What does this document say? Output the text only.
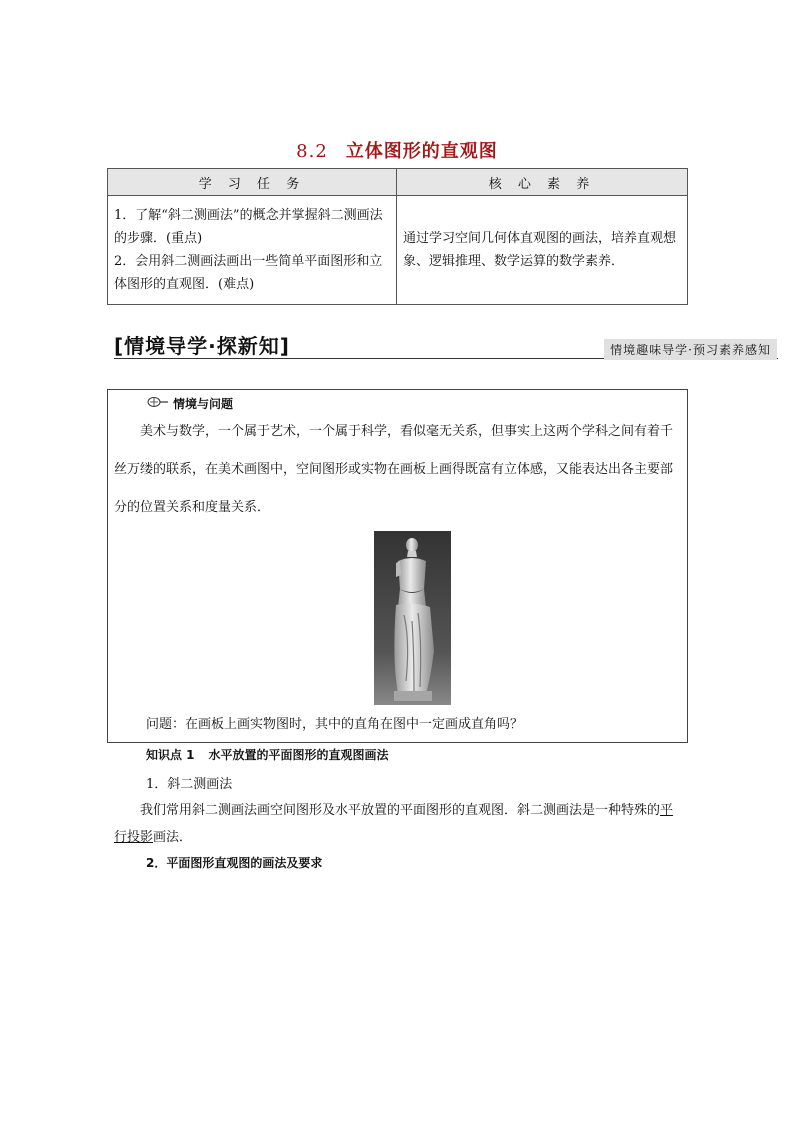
8.2 立体图形的直观图
学 习 任 务	核 心 素 养

1．了解“斜二测画法”的概念并掌握斜二测画法的步骤．(重点)
2．会用斜二测画法画出一些简单平面图形和立体图形的直观图．(难点)	通过学习空间几何体直观图的画法，培养直观想象、逻辑推理、数学运算的数学素养．
[情境导学·探新知]	情境趣味导学·预习素养感知
情境与问题
美术与数学，一个属于艺术，一个属于科学，看似毫无关系，但事实上这两个学科之间有着千丝万缕的联系，在美术画图中，空间图形或实物在画板上画得既富有立体感，又能表达出各主要部分的位置关系和度量关系．
问题：在画板上画实物图时，其中的直角在图中一定画成直角吗？
知识点 1 水平放置的平面图形的直观图画法
1．斜二测画法
我们常用斜二测画法画空间图形及水平放置的平面图形的直观图．斜二测画法是一种特殊的平行投影画法．
2．平面图形直观图的画法及要求
